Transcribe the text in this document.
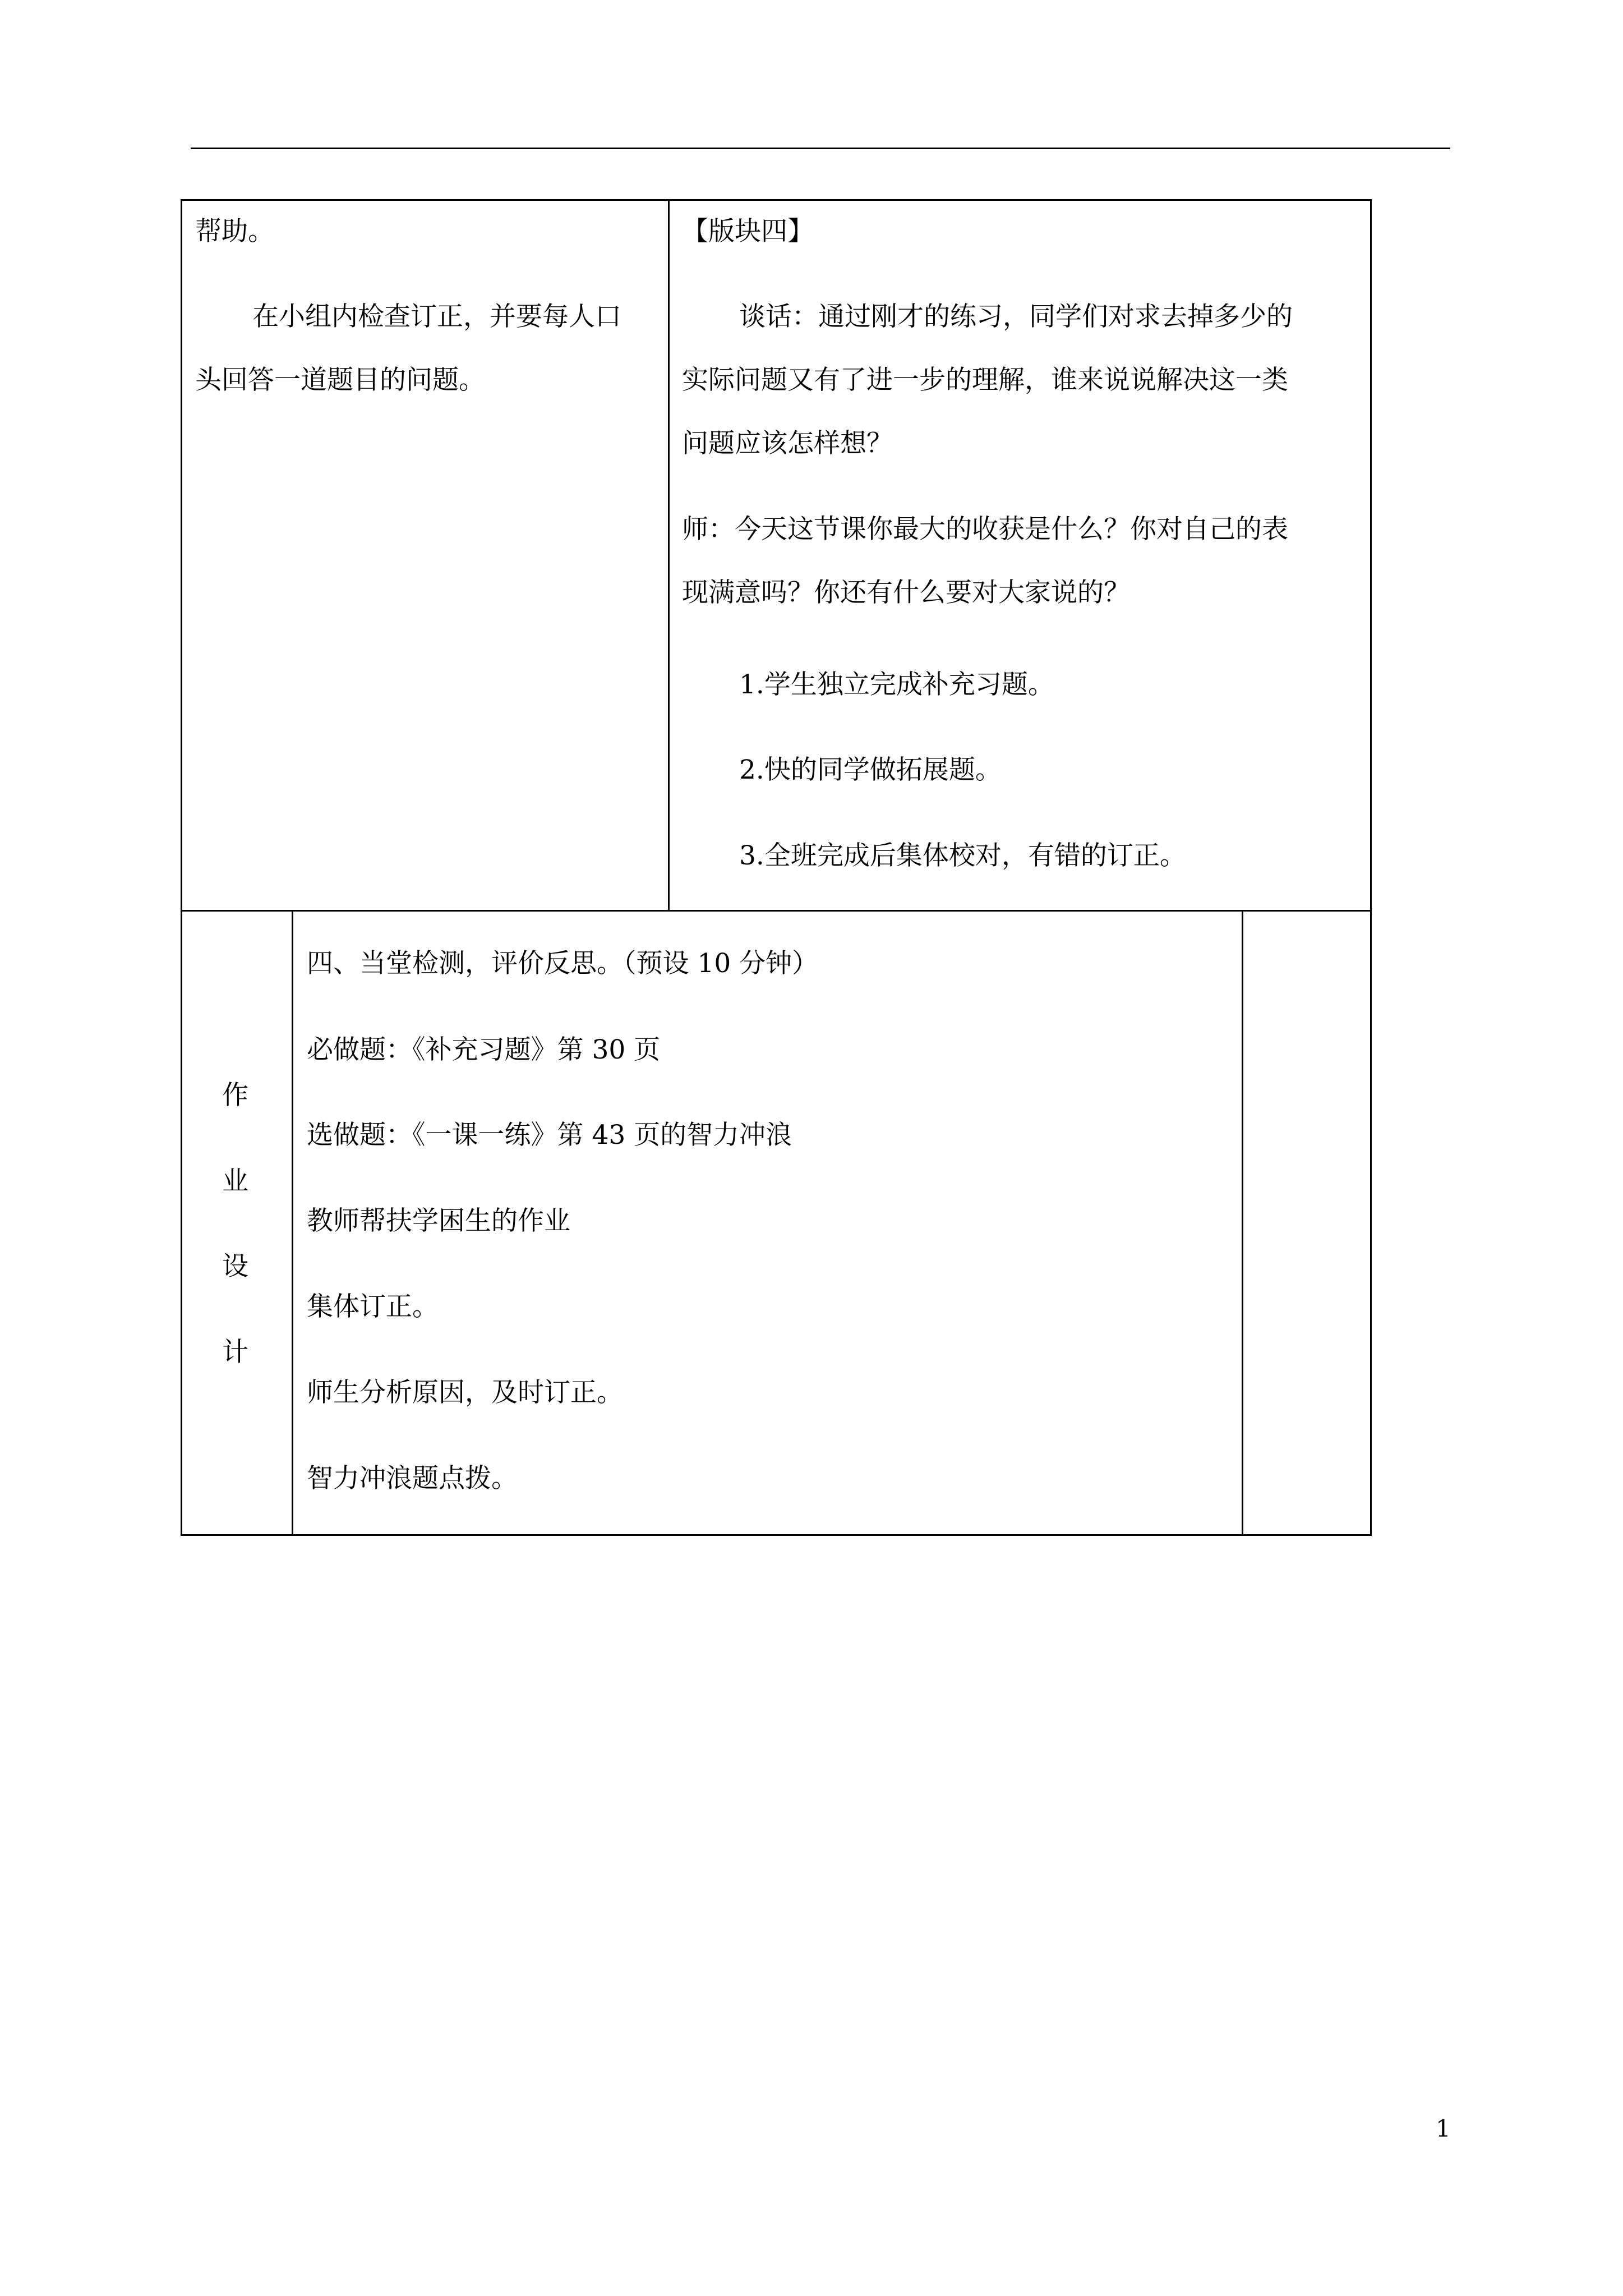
帮助。
在小组内检查订正，并要每人口
头回答一道题目的问题。
【版块四】
谈话：通过刚才的练习，同学们对求去掉多少的
实际问题又有了进一步的理解，谁来说说解决这一类
问题应该怎样想？
师：今天这节课你最大的收获是什么？你对自己的表
现满意吗？你还有什么要对大家说的？
1.学生独立完成补充习题。
2.快的同学做拓展题。
3.全班完成后集体校对，有错的订正。
作
业
设
计
四、当堂检测，评价反思。（预设 10 分钟）
必做题：《补充习题》第 30 页
选做题：《一课一练》第 43 页的智力冲浪
教师帮扶学困生的作业
集体订正。
师生分析原因，及时订正。
智力冲浪题点拨。
1
